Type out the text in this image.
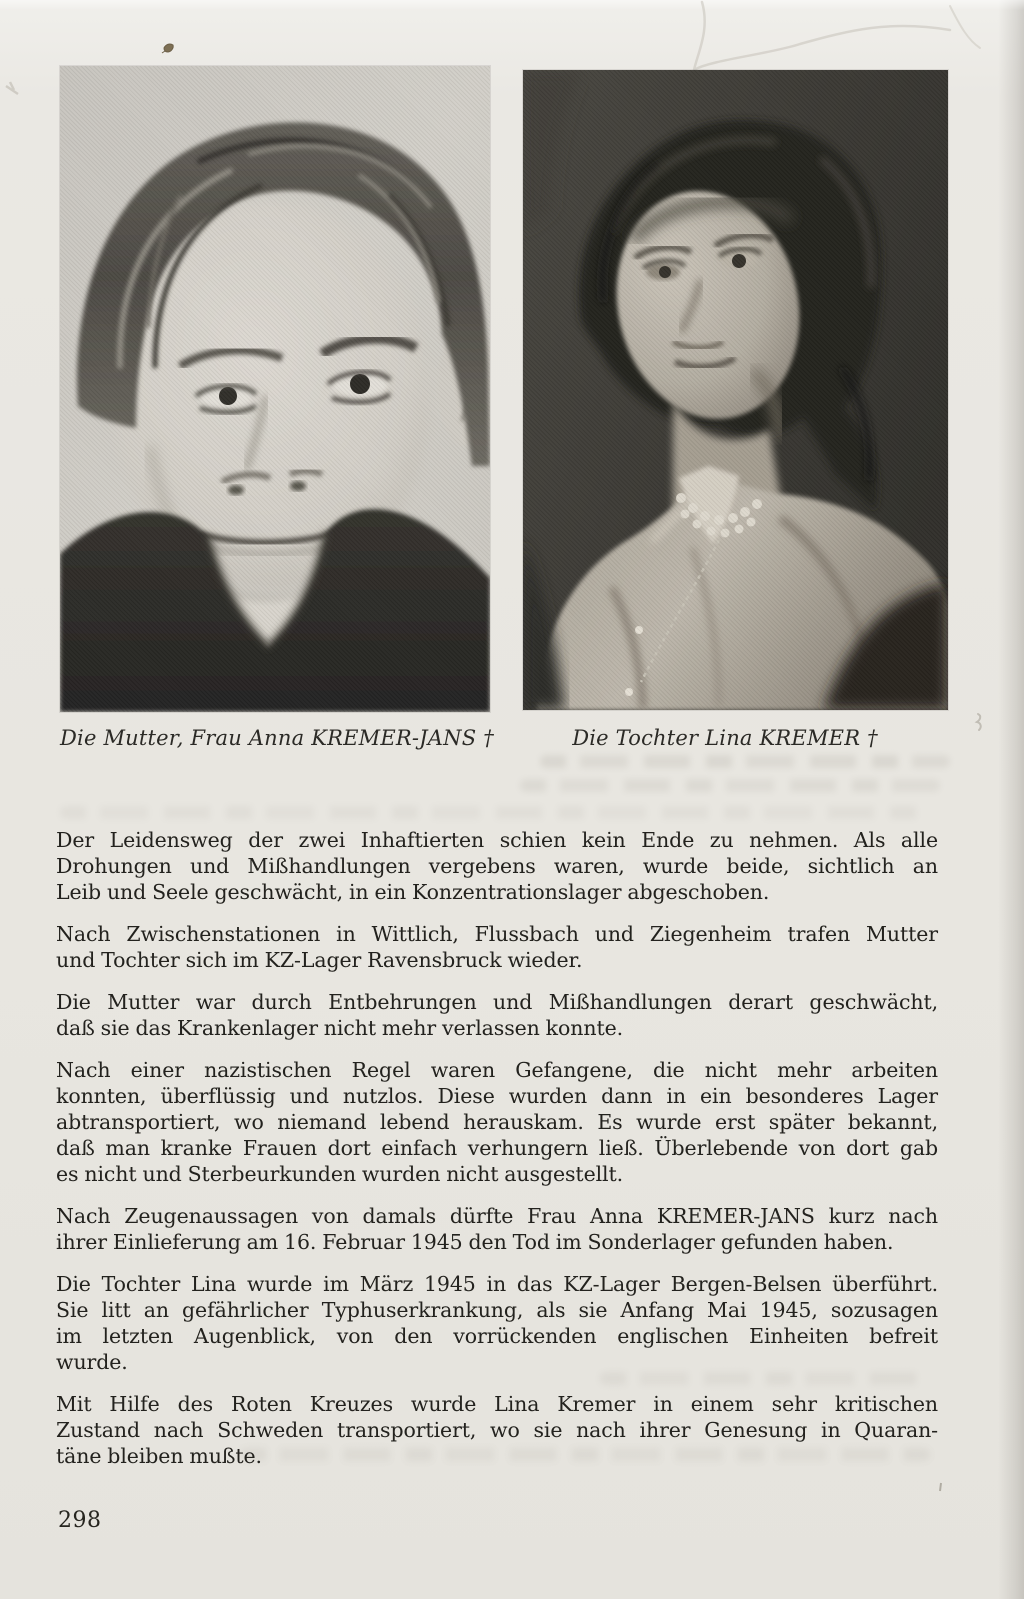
Die Mutter, Frau Anna KREMER-JANS †	Die Tochter Lina KREMER †
Der Leidensweg der zwei Inhaftierten schien kein Ende zu nehmen. Als alle
Drohungen und Mißhandlungen vergebens waren, wurde beide, sichtlich an
Leib und Seele geschwächt, in ein Konzentrationslager abgeschoben.
Nach Zwischenstationen in Wittlich, Flussbach und Ziegenheim trafen Mutter
und Tochter sich im KZ-Lager Ravensbruck wieder.
Die Mutter war durch Entbehrungen und Mißhandlungen derart geschwächt,
daß sie das Krankenlager nicht mehr verlassen konnte.
Nach einer nazistischen Regel waren Gefangene, die nicht mehr arbeiten
konnten, überflüssig und nutzlos. Diese wurden dann in ein besonderes Lager
abtransportiert, wo niemand lebend herauskam. Es wurde erst später bekannt,
daß man kranke Frauen dort einfach verhungern ließ. Überlebende von dort gab
es nicht und Sterbeurkunden wurden nicht ausgestellt.
Nach Zeugenaussagen von damals dürfte Frau Anna KREMER-JANS kurz nach
ihrer Einlieferung am 16. Februar 1945 den Tod im Sonderlager gefunden haben.
Die Tochter Lina wurde im März 1945 in das KZ-Lager Bergen-Belsen überführt.
Sie litt an gefährlicher Typhuserkrankung, als sie Anfang Mai 1945, sozusagen
im letzten Augenblick, von den vorrückenden englischen Einheiten befreit
wurde.
Mit Hilfe des Roten Kreuzes wurde Lina Kremer in einem sehr kritischen
Zustand nach Schweden transportiert, wo sie nach ihrer Genesung in Quaran-
täne bleiben mußte.
298
